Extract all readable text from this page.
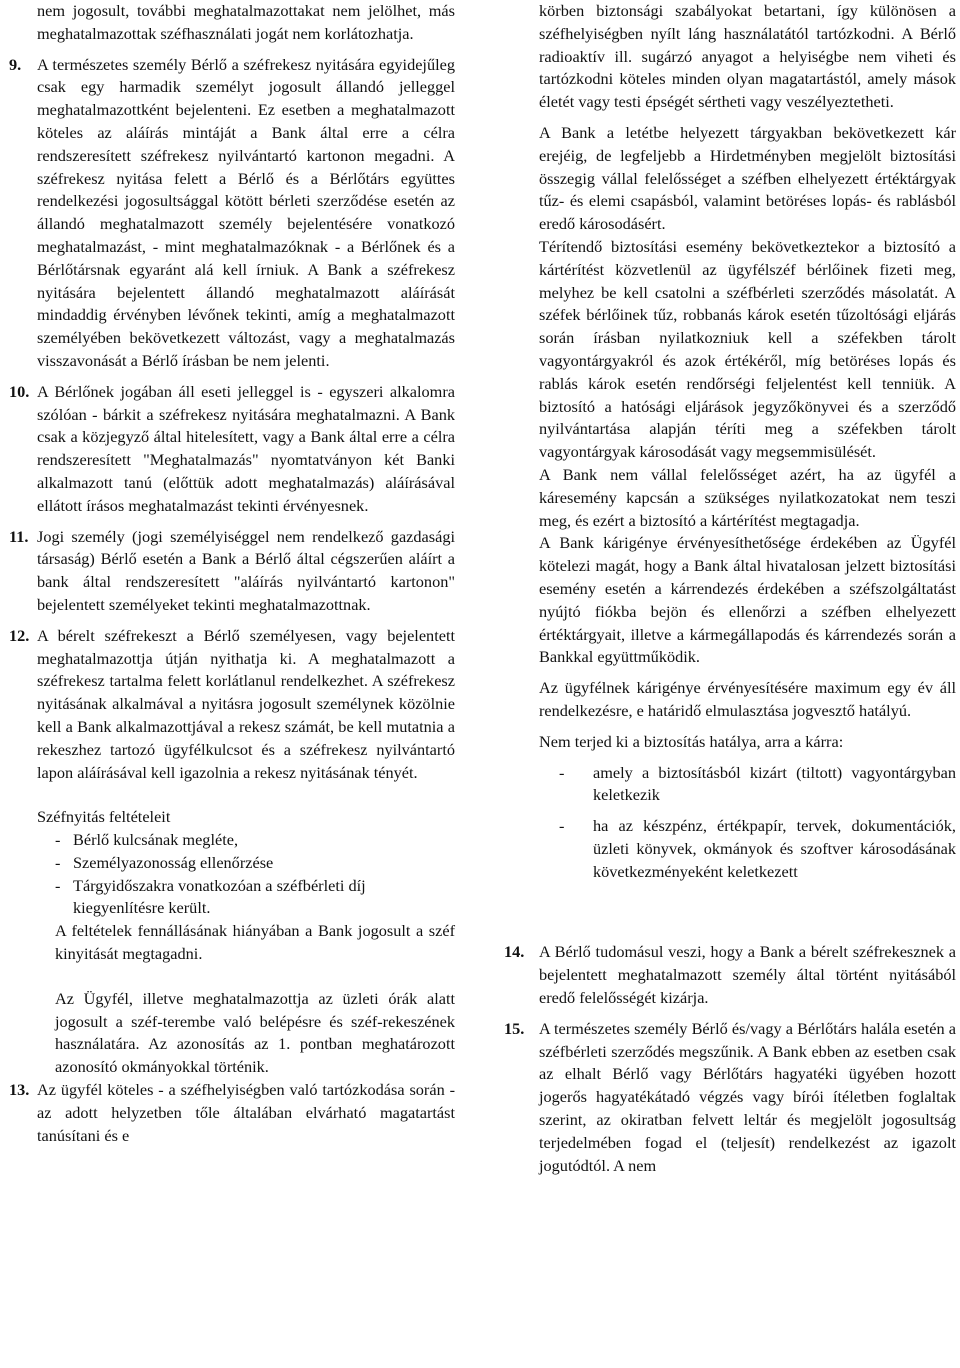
nem jogosult, további meghatalmazottakat nem jelölhet, más meghatalmazottak széfhasználati jogát nem korlátozhatja.

9. A természetes személy Bérlő a széfrekesz nyitására egyidejűleg csak egy harmadik személyt jogosult állandó jelleggel meghatalmazottként bejelenteni. Ez esetben a meghatalmazott köteles az aláírás mintáját a Bank által erre a célra rendszeresített széfrekesz nyilvántartó kartonon megadni. A széfrekesz nyitása felett a Bérlő és a Bérlőtárs együttes rendelkezési jogosultsággal kötött bérleti szerződése esetén az állandó meghatalmazott személy bejelentésére vonatkozó meghatalmazást, - mint meghatalmazóknak - a Bérlőnek és a Bérlőtársnak egyaránt alá kell írniuk. A Bank a széfrekesz nyitására bejelentett állandó meghatalmazott aláírását mindaddig érvényben lévőnek tekinti, amíg a meghatalmazott személyében bekövetkezett változást, vagy a meghatalmazás visszavonását a Bérlő írásban be nem jelenti.

10. A Bérlőnek jogában áll eseti jelleggel is - egyszeri alkalomra szólóan - bárkit a széfrekesz nyitására meghatalmazni. A Bank csak a közjegyző által hitelesített, vagy a Bank által erre a célra rendszeresített "Meghatalmazás" nyomtatványon két Banki alkalmazott tanú (előttük adott meghatalmazás) aláírásával ellátott írásos meghatalmazást tekinti érvényesnek.

11. Jogi személy (jogi személyiséggel nem rendelkező gazdasági társaság) Bérlő esetén a Bank a Bérlő által cégszerűen aláírt a bank által rendszeresített "aláírás nyilvántartó kartonon" bejelentett személyeket tekinti meghatalmazottnak.

12. A bérelt széfrekeszt a Bérlő személyesen, vagy bejelentett meghatalmazottja útján nyithatja ki. A meghatalmazott a széfrekesz tartalma felett korlátlanul rendelkezhet. A széfrekesz nyitásának alkalmával a nyitásra jogosult személynek közölnie kell a Bank alkalmazottjával a rekesz számát, be kell mutatnia a rekeszhez tartozó ügyfélkulcsot és a széfrekesz nyilvántartó lapon aláírásával kell igazolnia a rekesz nyitásának tényét.

Széfnyitás feltételeit

- Bérlő kulcsának megléte,
- Személyazonosság ellenőrzése
- Tárgyidőszakra vonatkozóan a széfbérleti díj kiegyenlítésre került.

A feltételek fennállásának hiányában a Bank jogosult a széf kinyitását megtagadni.

Az Ügyfél, illetve meghatalmazottja az üzleti órák alatt jogosult a széf-terembe való belépésre és széf-rekeszének használatára. Az azonosítás az 1. pontban meghatározott azonosító okmányokkal történik.

13. Az ügyfél köteles - a széfhelyiségben való tartózkodása során - az adott helyzetben tőle általában elvárható magatartást tanúsítani és e

körben biztonsági szabályokat betartani, így különösen a széfhelyiségben nyílt láng használatától tartózkodni. A Bérlő radioaktív ill. sugárzó anyagot a helyiségbe nem viheti és tartózkodni köteles minden olyan magatartástól, amely mások életét vagy testi épségét sértheti vagy veszélyeztetheti.

A Bank a letétbe helyezett tárgyakban bekövetkezett kár erejéig, de legfeljebb a Hirdetményben megjelölt biztosítási összegig vállal felelősséget a széfben elhelyezett értéktárgyak tűz- és elemi csapásból, valamint betöréses lopás- és rablásból eredő károsodásért.

Térítendő biztosítási esemény bekövetkeztekor a biztosító a kártérítést közvetlenül az ügyfélszéf bérlőinek fizeti meg, melyhez be kell csatolni a széfbérleti szerződés másolatát. A széfek bérlőinek tűz, robbanás károk esetén tűzoltósági eljárás során írásban nyilatkozniuk kell a széfekben tárolt vagyontárgyakról és azok értékéről, míg betöréses lopás és rablás károk esetén rendőrségi feljelentést kell tenniük. A biztosító a hatósági eljárások jegyzőkönyvei és a szerződő nyilvántartása alapján téríti meg a széfekben tárolt vagyontárgyak károsodását vagy megsemmisülését.

A Bank nem vállal felelősséget azért, ha az ügyfél a káresemény kapcsán a szükséges nyilatkozatokat nem teszi meg, és ezért a biztosító a kártérítést megtagadja.

A Bank kárigénye érvényesíthetősége érdekében az Ügyfél kötelezi magát, hogy a Bank által hivatalosan jelzett biztosítási esemény esetén a kárrendezés érdekében a széfszolgáltatást nyújtó fiókba bejön és ellenőrzi a széfben elhelyezett értéktárgyait, illetve a kármegállapodás és kárrendezés során a Bankkal együttműködik.

Az ügyfélnek kárigénye érvényesítésére maximum egy év áll rendelkezésre, e határidő elmulasztása jogvesztő hatályú.

Nem terjed ki a biztosítás hatálya, arra a kárra:

- amely a biztosításból kizárt (tiltott) vagyontárgyban keletkezik

- ha az készpénz, értékpapír, tervek, dokumentációk, üzleti könyvek, okmányok és szoftver károsodásának következményeként keletkezett

14. A Bérlő tudomásul veszi, hogy a Bank a bérelt széfrekesznek a bejelentett meghatalmazott személy által történt nyitásából eredő felelősségét kizárja.

15. A természetes személy Bérlő és/vagy a Bérlőtárs halála esetén a széfbérleti szerződés megszűnik. A Bank ebben az esetben csak az elhalt Bérlő vagy Bérlőtárs hagyatéki ügyében hozott jogerős hagyatékátadó végzés vagy bírói ítéletben foglaltak szerint, az okiratban felvett leltár és megjelölt jogosultság terjedelmében fogad el (teljesít) rendelkezést az igazolt jogutódtól. A nem
